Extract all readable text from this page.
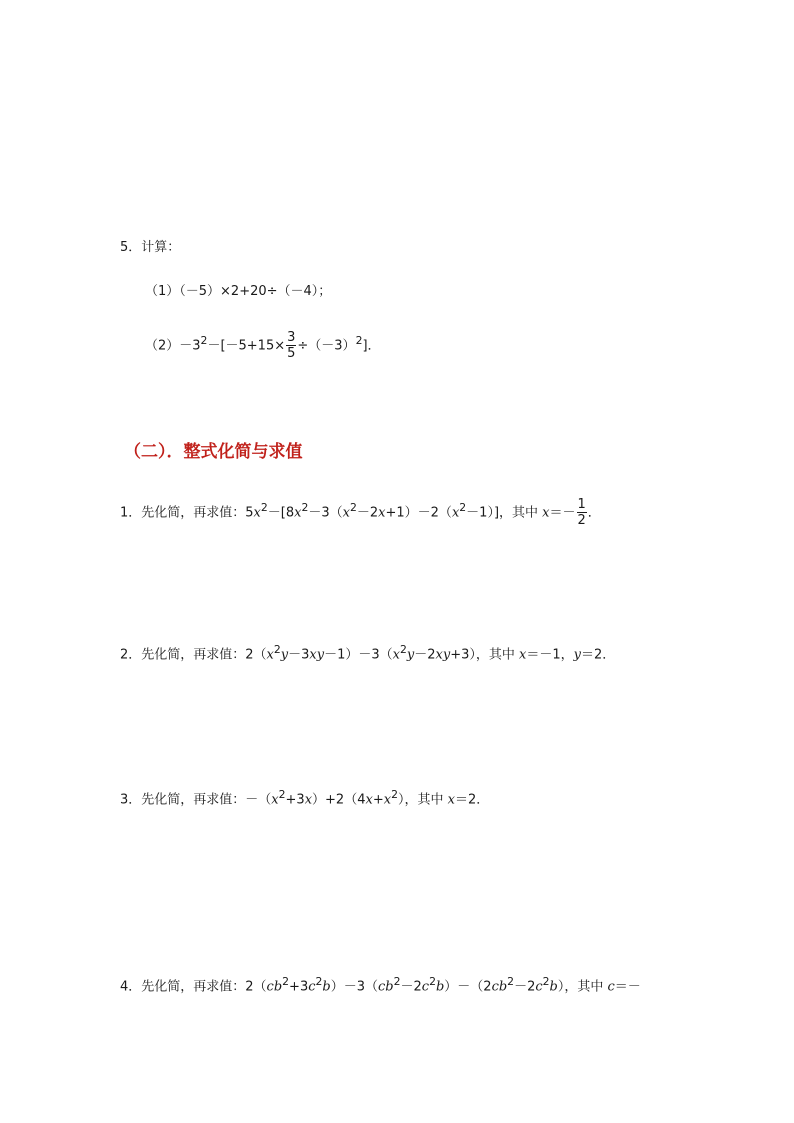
5．计算：
（1）（－5）×2+20÷（－4）；
$(2)-3^2-[-5+15\times \frac{3}{5} \div(-3)^2]$．
（二）．整式化简与求值
1．先化简，再求值：$5x^2-[8x^2-3(x^2-2x+1)-2(x^2-1)]$，其中 $x=- \frac{1}{2}$ ．
2．先化简，再求值：$2(x^2y-3xy-1)-3(x^2y-2xy+3)$，其中 x＝－1，y＝2．
3．先化简，再求值：$-(x^2+3x)+2(4x+x^2)$，其中 x＝2．
4．先化简，再求值：$2(cb^2+3c^2b)-3(cb^2-2c^2b)-(2cb^2-2c^2b)$，其中 c＝－
